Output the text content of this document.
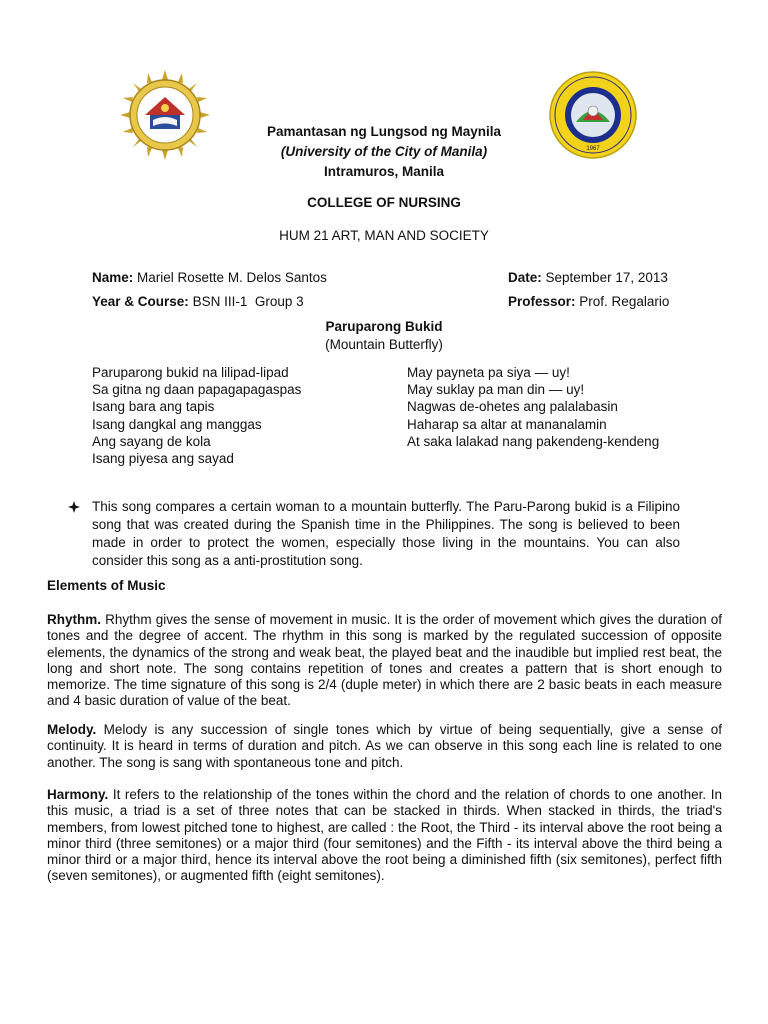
1967
Pamantasan ng Lungsod ng Maynila
(University of the City of Manila)
Intramuros, Manila
COLLEGE OF NURSING
HUM 21 ART, MAN AND SOCIETY
Name: Mariel Rosette M. Delos Santos	Date: September 17, 2013
Year & Course: BSN III-1  Group 3	Professor: Prof. Regalario
Paruparong Bukid
(Mountain Butterfly)
Paruparong bukid na lilipad-lipad
Sa gitna ng daan papagapagaspas
Isang bara ang tapis
Isang dangkal ang manggas
Ang sayang de kola
Isang piyesa ang sayad
May payneta pa siya — uy!
May suklay pa man din — uy!
Nagwas de-ohetes ang palalabasin
Haharap sa altar at mananalamin
At saka lalakad nang pakendeng-kendeng
This song compares a certain woman to a mountain butterfly. The Paru-Parong bukid is a Filipino song that was created during the Spanish time in the Philippines. The song is believed to been made in order to protect the women, especially those living in the mountains. You can also consider this song as a anti-prostitution song.
Elements of Music
Rhythm. Rhythm gives the sense of movement in music. It is the order of movement which gives the duration of tones and the degree of accent. The rhythm in this song is marked by the regulated succession of opposite elements, the dynamics of the strong and weak beat, the played beat and the inaudible but implied rest beat, the long and short note. The song contains repetition of tones and creates a pattern that is short enough to memorize. The time signature of this song is 2/4 (duple meter) in which there are 2 basic beats in each measure and 4 basic duration of value of the beat.
Melody. Melody is any succession of single tones which by virtue of being sequentially, give a sense of continuity. It is heard in terms of duration and pitch. As we can observe in this song each line is related to one another. The song is sang with spontaneous tone and pitch.
Harmony. It refers to the relationship of the tones within the chord and the relation of chords to one another. In this music, a triad is a set of three notes that can be stacked in thirds. When stacked in thirds, the triad's members, from lowest pitched tone to highest, are called : the Root, the Third - its interval above the root being a minor third (three semitones) or a major third (four semitones) and the Fifth - its interval above the third being a minor third or a major third, hence its interval above the root being a diminished fifth (six semitones), perfect fifth (seven semitones), or augmented fifth (eight semitones).
